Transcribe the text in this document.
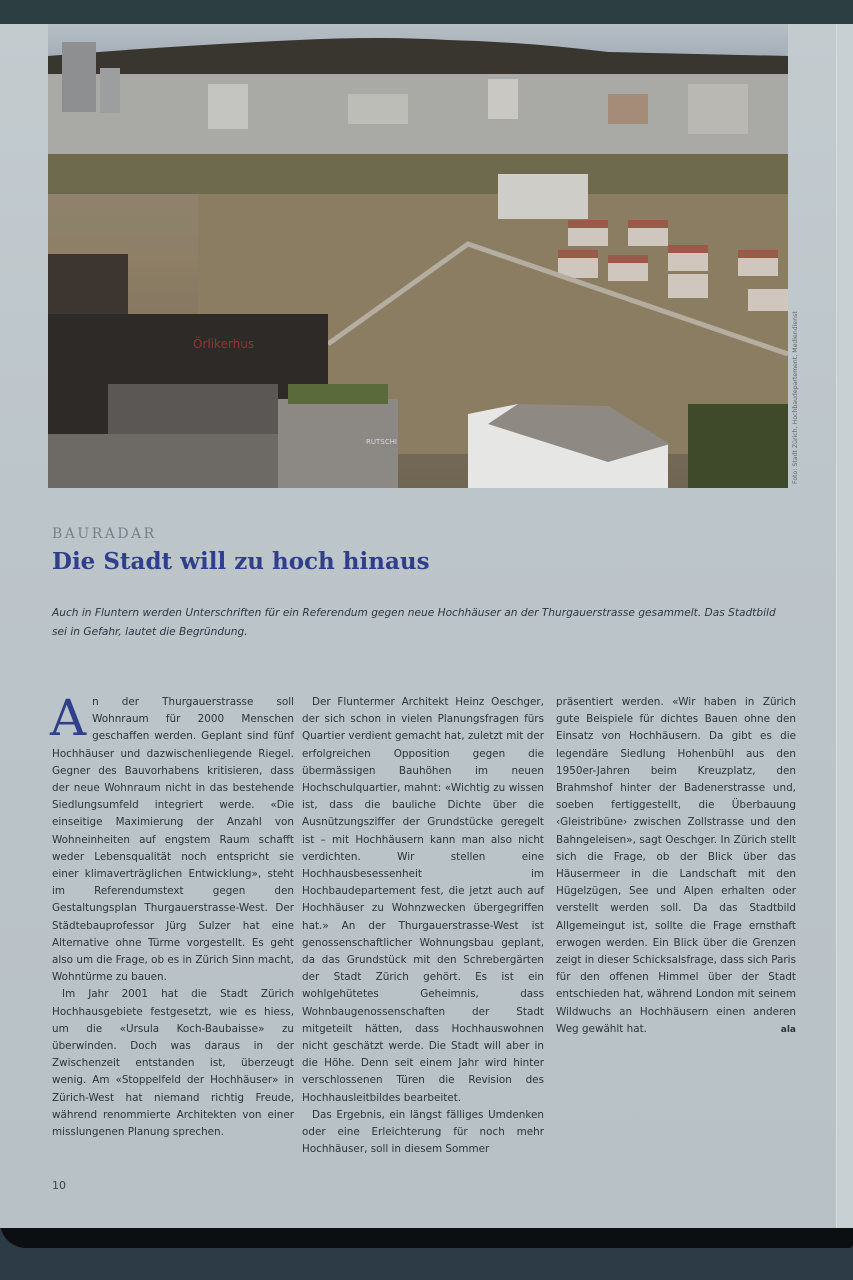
Örlikerhus
RUTSCHI	Foto: Stadt Zürich, Hochbaudepartement, Mediendienst
BAURADAR
Die Stadt will zu hoch hinaus
Auch in Fluntern werden Unterschriften für ein Referendum gegen neue Hochhäuser an der Thurgauerstrasse gesammelt. Das Stadtbild sei in Gefahr, lautet die Begründung.

An der Thurgauerstrasse soll Wohnraum für 2000 Menschen geschaffen werden. Geplant sind fünf Hochhäuser und dazwischenliegende Riegel. Gegner des Bauvorhabens kritisieren, dass der neue Wohnraum nicht in das bestehende Siedlungsumfeld integriert werde. «Die einseitige Maximierung der Anzahl von Wohneinheiten auf engstem Raum schafft weder Lebensqualität noch entspricht sie einer klimaverträglichen Entwicklung», steht im Referendumstext gegen den Gestaltungsplan Thurgauerstrasse-West. Der Städtebauprofessor Jürg Sulzer hat eine Alternative ohne Türme vorgestellt. Es geht also um die Frage, ob es in Zürich Sinn macht, Wohntürme zu bauen.

Im Jahr 2001 hat die Stadt Zürich Hochhausgebiete festgesetzt, wie es hiess, um die «Ursula Koch-Baubaisse» zu überwinden. Doch was daraus in der Zwischenzeit entstanden ist, überzeugt wenig. Am «Stoppelfeld der Hochhäuser» in Zürich-West hat niemand richtig Freude, während renommierte Architekten von einer misslungenen Planung sprechen.

Der Fluntermer Architekt Heinz Oeschger, der sich schon in vielen Planungsfragen fürs Quartier verdient gemacht hat, zuletzt mit der erfolgreichen Opposition gegen die übermässigen Bauhöhen im neuen Hochschulquartier, mahnt: «Wichtig zu wissen ist, dass die bauliche Dichte über die Ausnützungsziffer der Grundstücke geregelt ist – mit Hochhäusern kann man also nicht verdichten. Wir stellen eine Hochhausbesessenheit im Hochbaudepartement fest, die jetzt auch auf Hochhäuser zu Wohnzwecken übergegriffen hat.» An der Thurgauerstrasse-West ist genossenschaftlicher Wohnungsbau geplant, da das Grundstück mit den Schrebergärten der Stadt Zürich gehört. Es ist ein wohlgehütetes Geheimnis, dass Wohnbaugenossenschaften der Stadt mitgeteilt hätten, dass Hochhauswohnen nicht geschätzt werde. Die Stadt will aber in die Höhe. Denn seit einem Jahr wird hinter verschlossenen Türen die Revision des Hochhausleitbildes bearbeitet.

Das Ergebnis, ein längst fälliges Umdenken oder eine Erleichterung für noch mehr Hochhäuser, soll in diesem Sommer

präsentiert werden. «Wir haben in Zürich gute Beispiele für dichtes Bauen ohne den Einsatz von Hochhäusern. Da gibt es die legendäre Siedlung Hohenbühl aus den 1950er-Jahren beim Kreuzplatz, den Brahmshof hinter der Badenerstrasse und, soeben fertiggestellt, die Überbauung ‹Gleistribüne› zwischen Zollstrasse und den Bahngeleisen», sagt Oeschger. In Zürich stellt sich die Frage, ob der Blick über das Häusermeer in die Landschaft mit den Hügelzügen, See und Alpen erhalten oder verstellt werden soll. Da das Stadtbild Allgemeingut ist, sollte die Frage ernsthaft erwogen werden. Ein Blick über die Grenzen zeigt in dieser Schicksalsfrage, dass sich Paris für den offenen Himmel über der Stadt entschieden hat, während London mit seinem Wildwuchs an Hochhäusern einen anderen Weg gewählt hat.	ala

10
